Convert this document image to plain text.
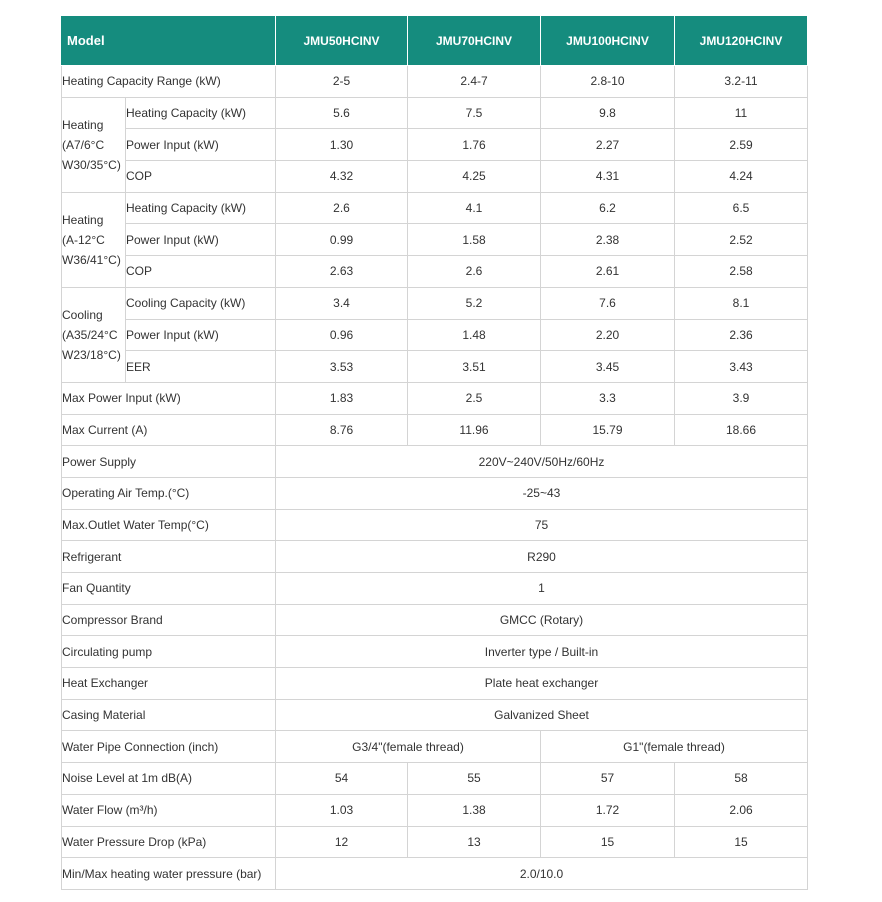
Model		JMU50HCINV	JMU70HCINV	JMU100HCINV	JMU120HCINV
Heating Capacity Range (kW)		2-5	2.4-7	2.8-10	3.2-11

Heating
(A7/6°C
W30/35°C)	Heating Capacity (kW)	5.6	7.5	9.8	11
	Power Input (kW)	1.30	1.76	2.27	2.59
	COP	4.32	4.25	4.31	4.24

Heating
(A-12°C
W36/41°C)	Heating Capacity (kW)	2.6	4.1	6.2	6.5
	Power Input (kW)	0.99	1.58	2.38	2.52
	COP	2.63	2.6	2.61	2.58

Cooling
(A35/24°C
W23/18°C)	Cooling Capacity (kW)	3.4	5.2	7.6	8.1
	Power Input (kW)	0.96	1.48	2.20	2.36
	EER	3.53	3.51	3.45	3.43
Max Power Input (kW)		1.83	2.5	3.3	3.9
Max Current (A)		8.76	11.96	15.79	18.66
Power Supply		220V~240V/50Hz/60Hz			
Operating Air Temp.(°C)		-25~43			
Max.Outlet Water Temp(°C)		75			
Refrigerant		R290			
Fan Quantity		1			
Compressor Brand		GMCC (Rotary)			
Circulating pump		Inverter type / Built-in			
Heat Exchanger		Plate heat exchanger			
Casing Material		Galvanized Sheet			
Water Pipe Connection (inch)		G3/4"(female thread)		G1"(female thread)	
Noise Level at 1m dB(A)		54	55	57	58
Water Flow (m³/h)		1.03	1.38	1.72	2.06
Water Pressure Drop (kPa)		12	13	15	15
Min/Max heating water pressure (bar)		2.0/10.0			
